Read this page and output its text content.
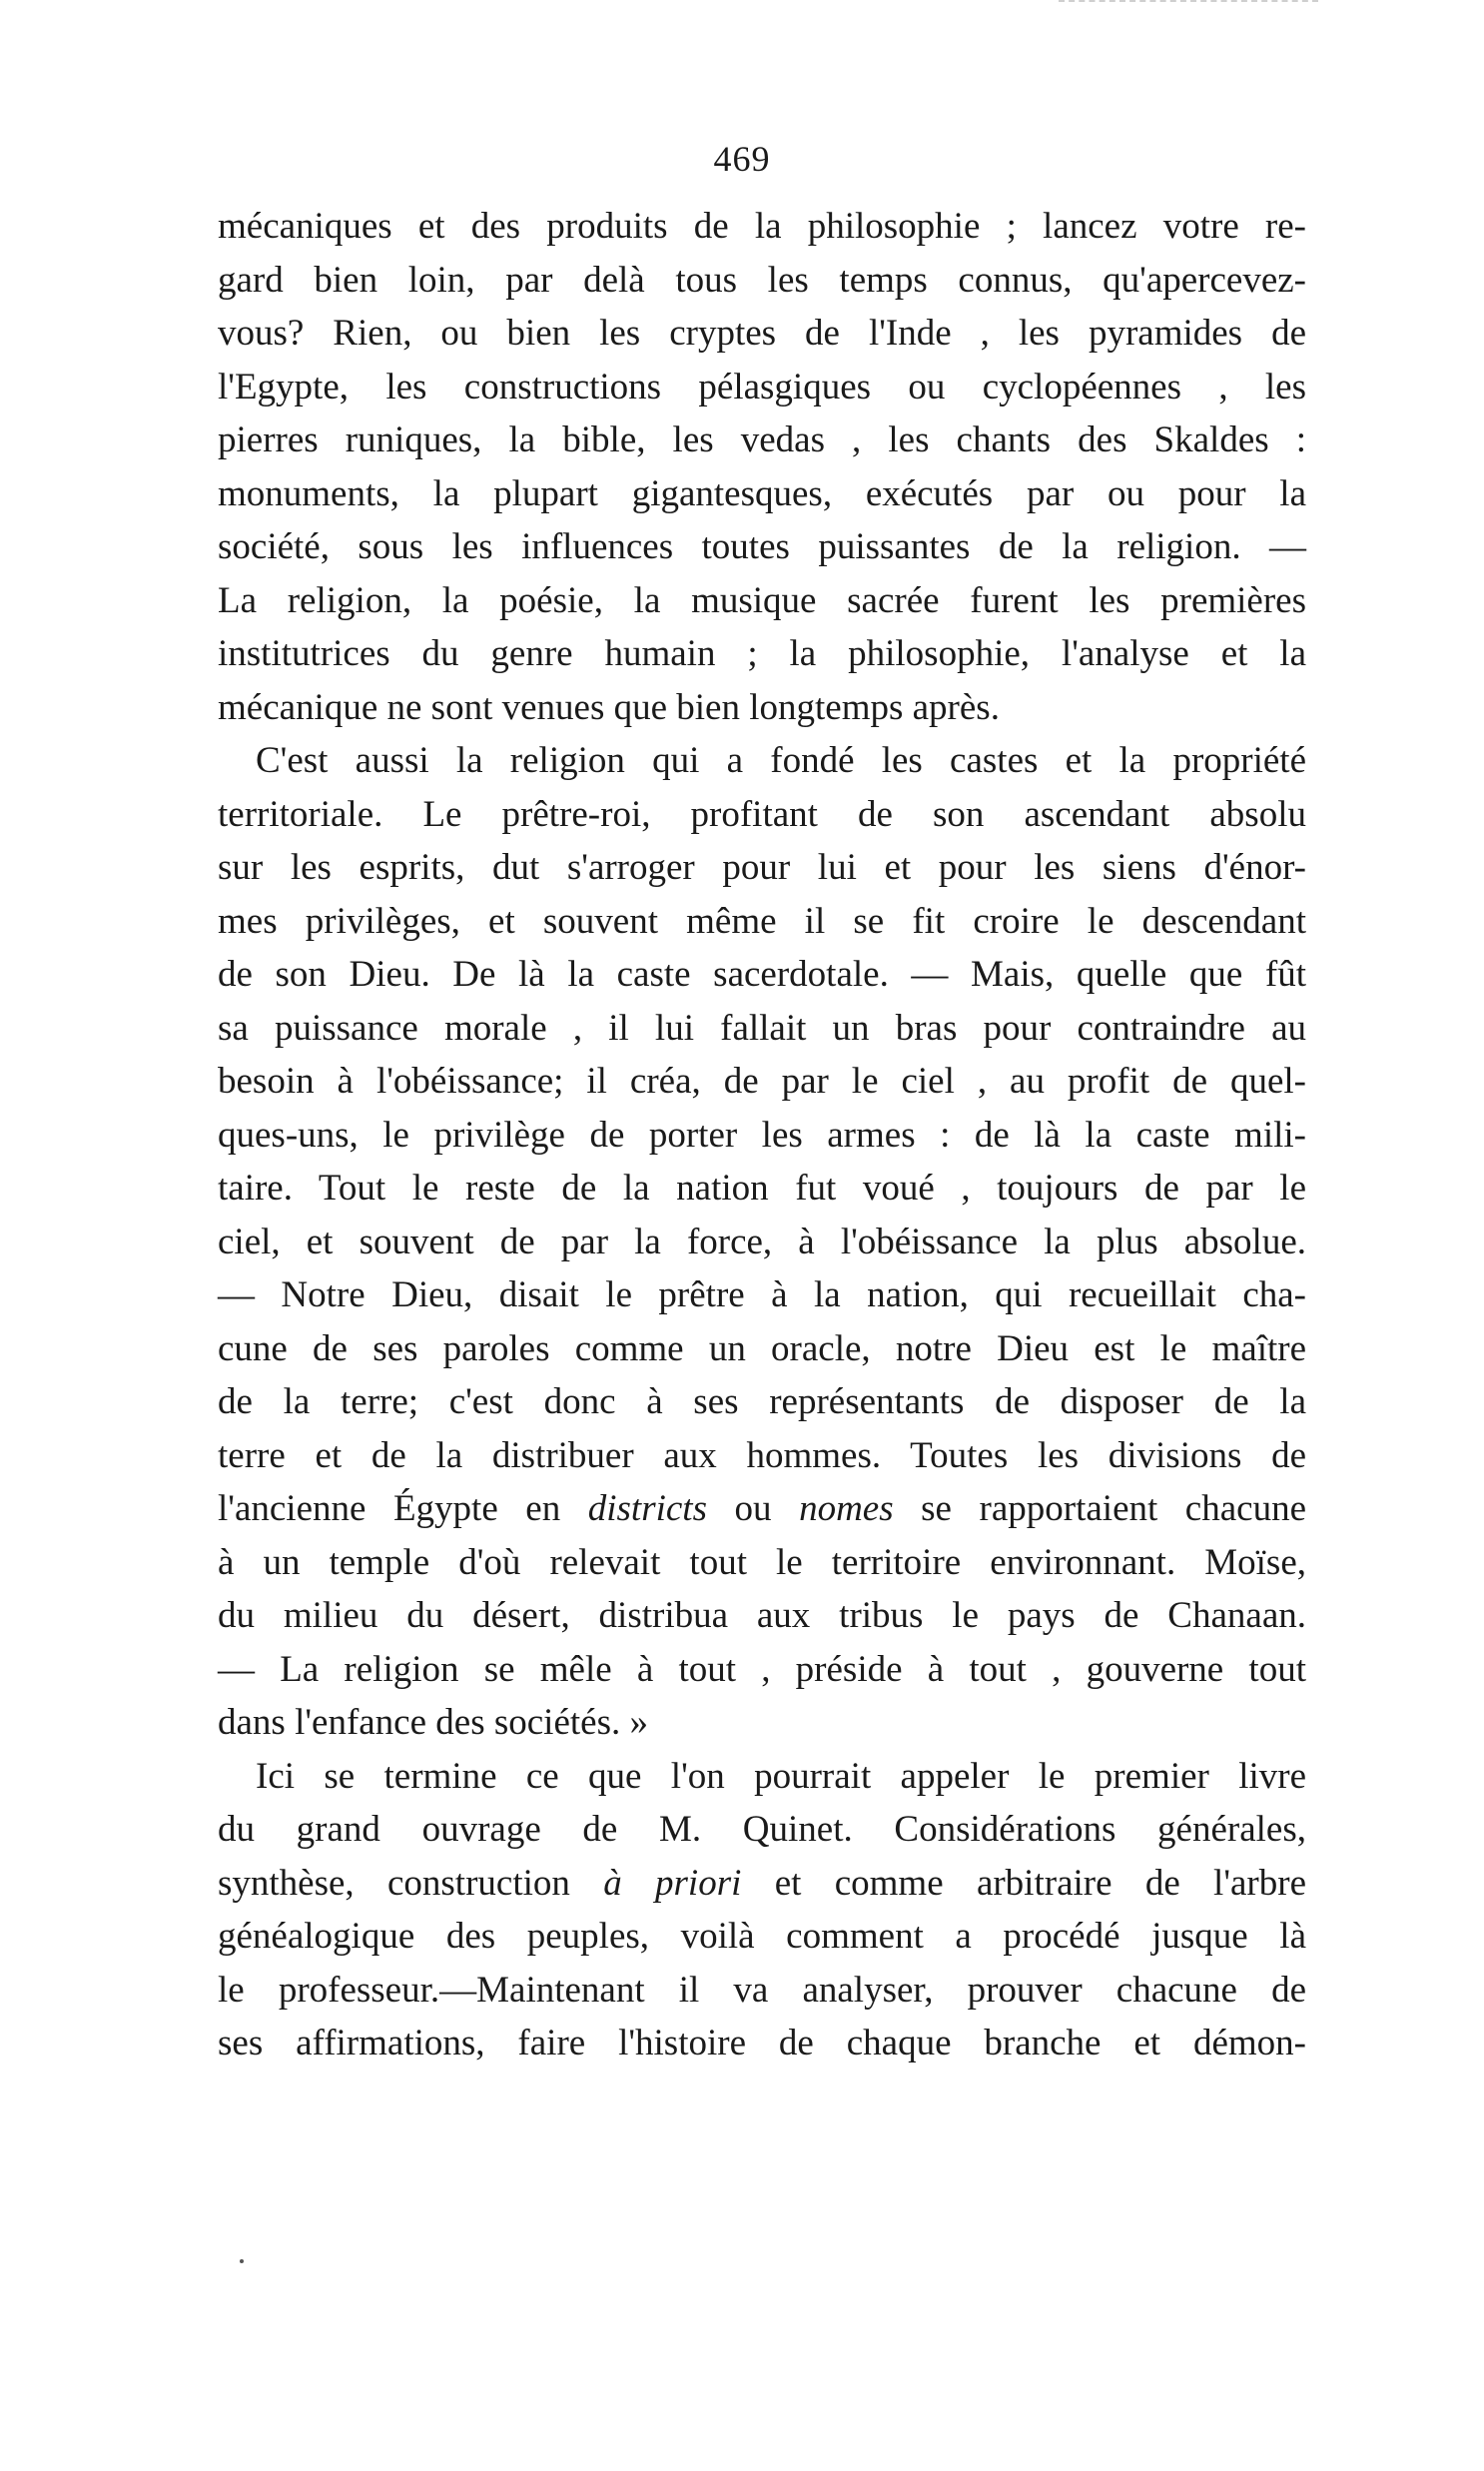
469
mécaniques et des produits de la philosophie ; lancez votre re-
gard bien loin, par delà tous les temps connus, qu'apercevez-
vous? Rien, ou bien les cryptes de l'Inde , les pyramides de
l'Egypte, les constructions pélasgiques ou cyclopéennes , les
pierres runiques, la bible, les vedas , les chants des Skaldes :
monuments, la plupart gigantesques, exécutés par ou pour la
société, sous les influences toutes puissantes de la religion. —
La religion, la poésie, la musique sacrée furent les premières
institutrices du genre humain ; la philosophie, l'analyse et la
mécanique ne sont venues que bien longtemps après.
C'est aussi la religion qui a fondé les castes et la propriété
territoriale. Le prêtre-roi, profitant de son ascendant absolu
sur les esprits, dut s'arroger pour lui et pour les siens d'énor-
mes privilèges, et souvent même il se fit croire le descendant
de son Dieu. De là la caste sacerdotale. — Mais, quelle que fût
sa puissance morale , il lui fallait un bras pour contraindre au
besoin à l'obéissance; il créa, de par le ciel , au profit de quel-
ques-uns, le privilège de porter les armes : de là la caste mili-
taire. Tout le reste de la nation fut voué , toujours de par le
ciel, et souvent de par la force, à l'obéissance la plus absolue.
— Notre Dieu, disait le prêtre à la nation, qui recueillait cha-
cune de ses paroles comme un oracle, notre Dieu est le maître
de la terre; c'est donc à ses représentants de disposer de la
terre et de la distribuer aux hommes. Toutes les divisions de
l'ancienne Égypte en districts ou nomes se rapportaient chacune
à un temple d'où relevait tout le territoire environnant. Moïse,
du milieu du désert, distribua aux tribus le pays de Chanaan.
— La religion se mêle à tout , préside à tout , gouverne tout
dans l'enfance des sociétés. »
Ici se termine ce que l'on pourrait appeler le premier livre
du grand ouvrage de M. Quinet. Considérations générales,
synthèse, construction à priori et comme arbitraire de l'arbre
généalogique des peuples, voilà comment a procédé jusque là
le professeur.—Maintenant il va analyser, prouver chacune de
ses affirmations, faire l'histoire de chaque branche et démon-
